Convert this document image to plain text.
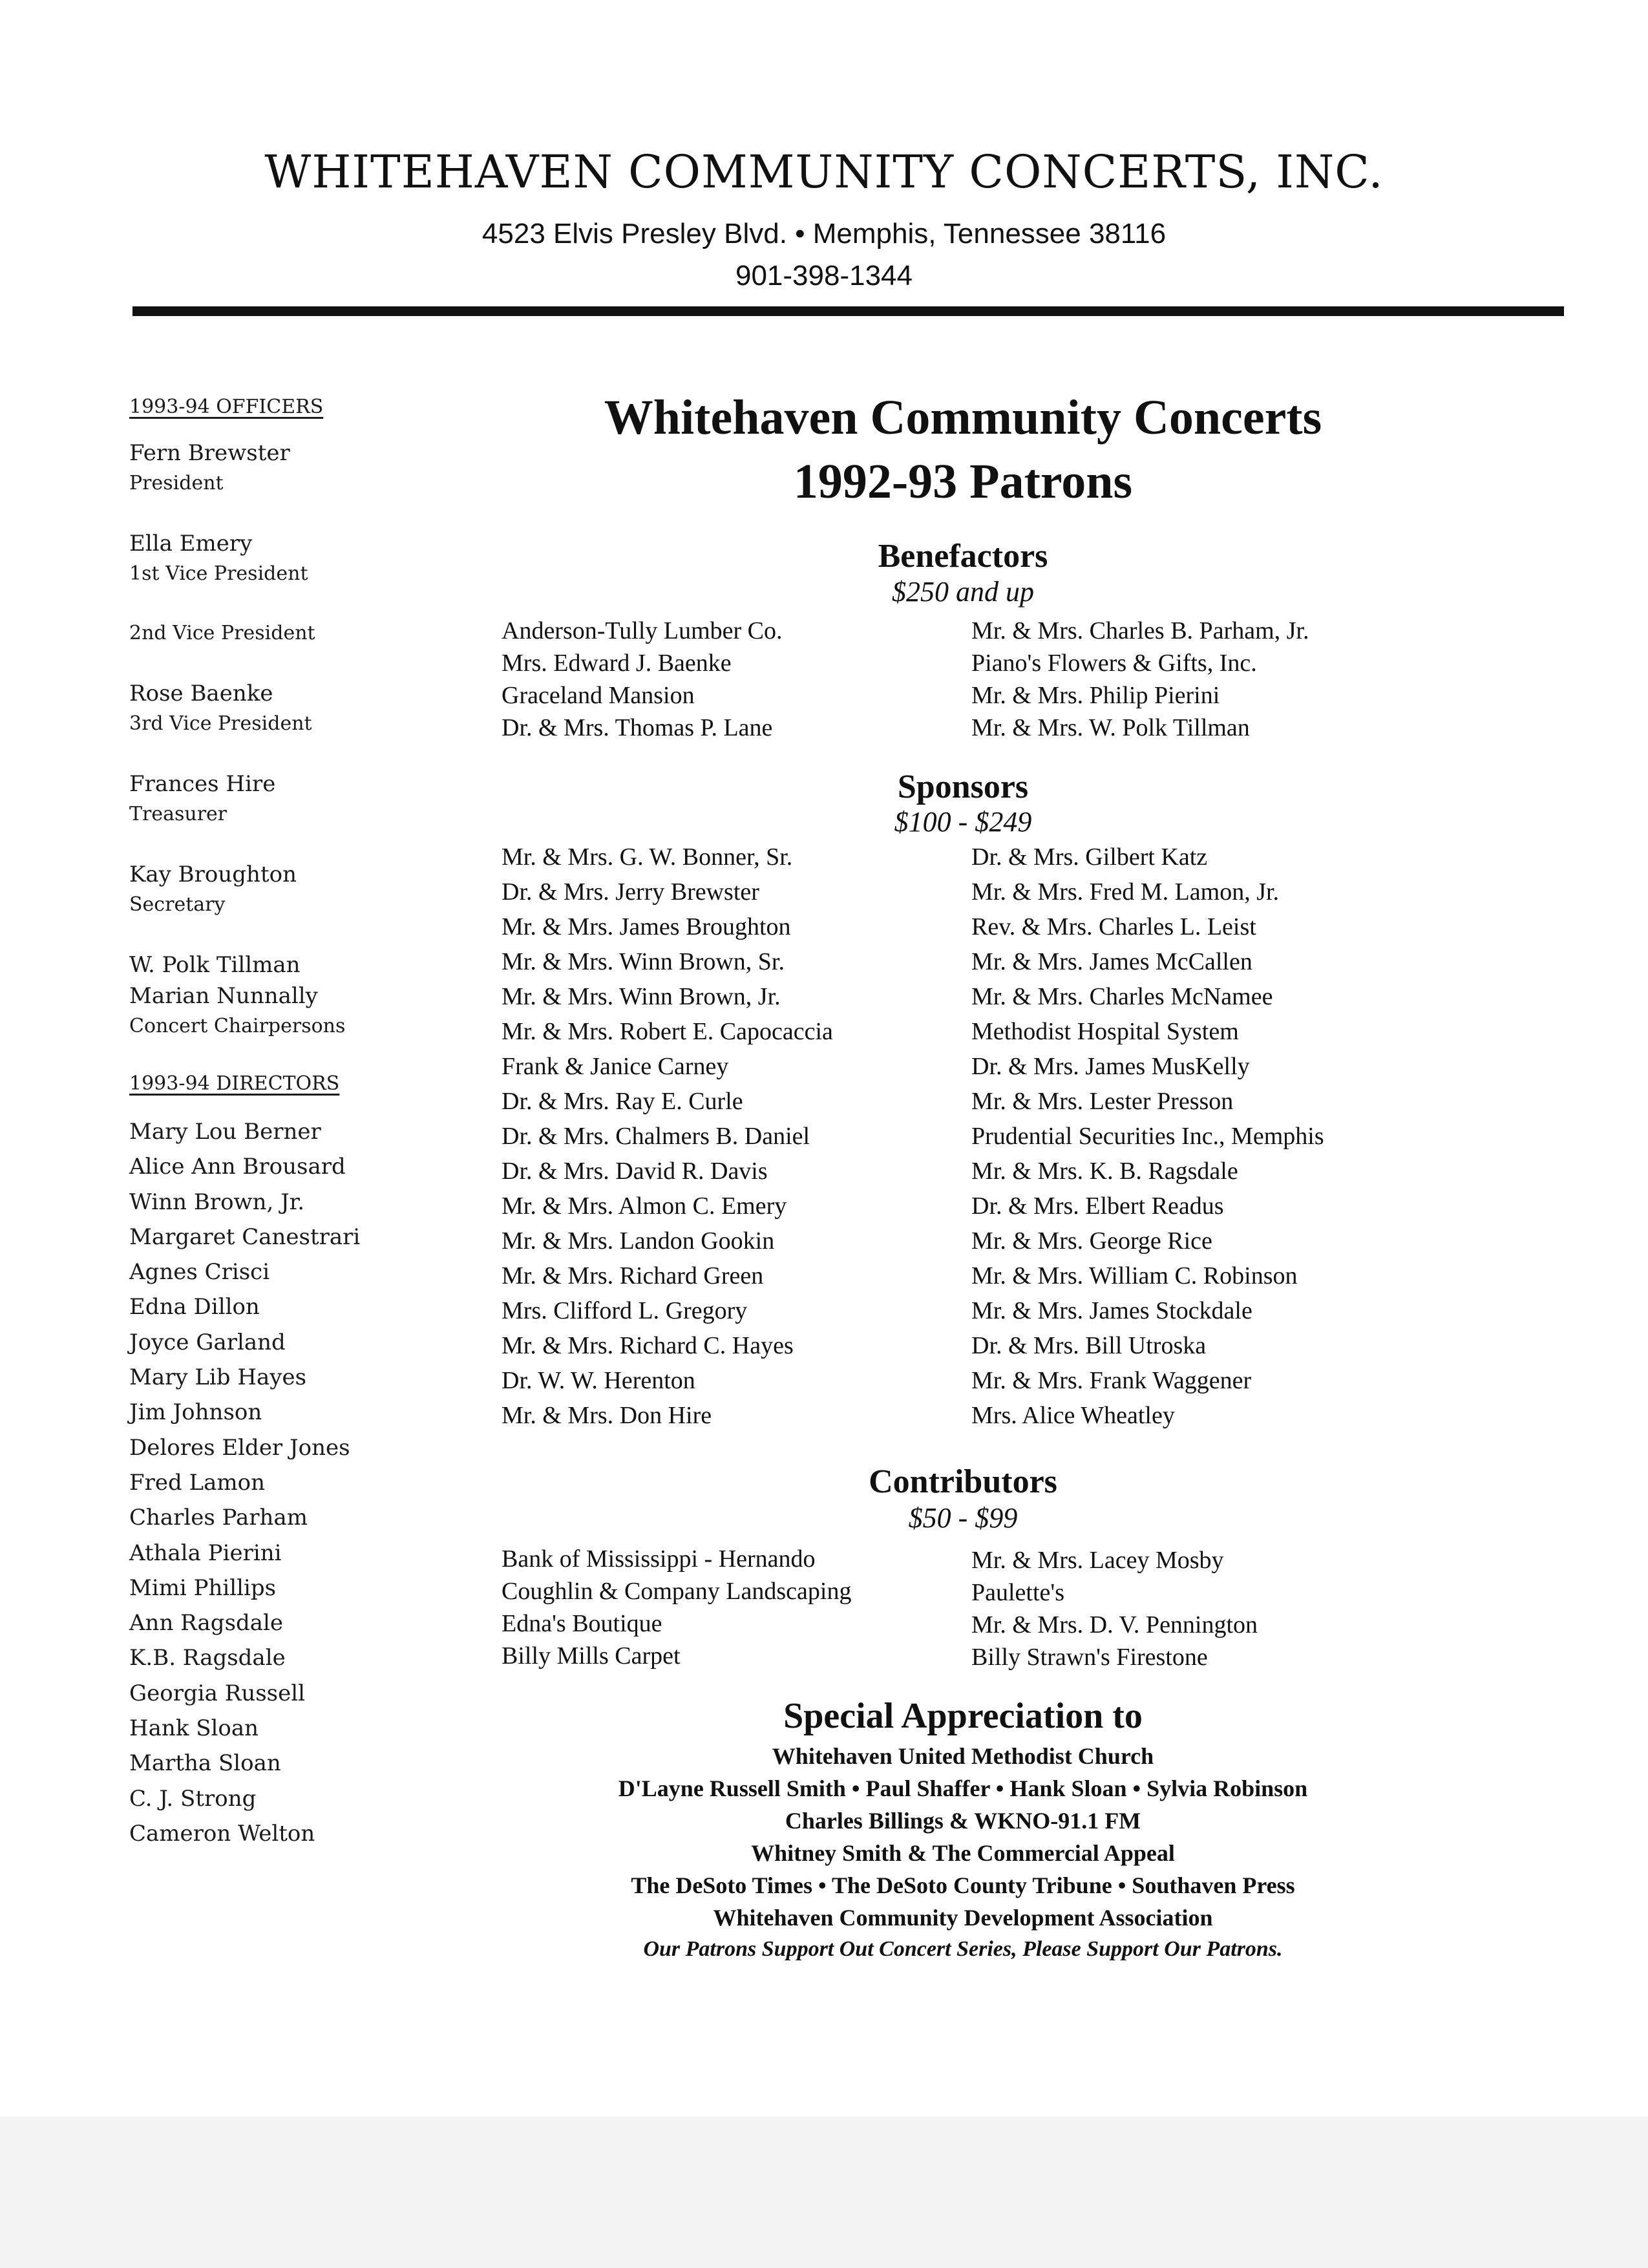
WHITEHAVEN COMMUNITY CONCERTS, INC.
4523 Elvis Presley Blvd. • Memphis, Tennessee 38116
901-398-1344
1993-94 OFFICERS
Fern Brewster
President
Ella Emery
1st Vice President
2nd Vice President
Rose Baenke
3rd Vice President
Frances Hire
Treasurer
Kay Broughton
Secretary
W. Polk Tillman
Marian Nunnally
Concert Chairpersons
1993-94 DIRECTORS
Mary Lou Berner
Alice Ann Brousard
Winn Brown, Jr.
Margaret Canestrari
Agnes Crisci
Edna Dillon
Joyce Garland
Mary Lib Hayes
Jim Johnson
Delores Elder Jones
Fred Lamon
Charles Parham
Athala Pierini
Mimi Phillips
Ann Ragsdale
K.B. Ragsdale
Georgia Russell
Hank Sloan
Martha Sloan
C. J. Strong
Cameron Welton
Whitehaven Community Concerts
1992-93 Patrons
Benefactors
$250 and up
Anderson-Tully Lumber Co.
Mrs. Edward J. Baenke
Graceland Mansion
Dr. & Mrs. Thomas P. Lane
Mr. & Mrs. Charles B. Parham, Jr.
Piano's Flowers & Gifts, Inc.
Mr. & Mrs. Philip Pierini
Mr. & Mrs. W. Polk Tillman
Sponsors
$100 - $249
Mr. & Mrs. G. W. Bonner, Sr.
Dr. & Mrs. Jerry Brewster
Mr. & Mrs. James Broughton
Mr. & Mrs. Winn Brown, Sr.
Mr. & Mrs. Winn Brown, Jr.
Mr. & Mrs. Robert E. Capocaccia
Frank & Janice Carney
Dr. & Mrs. Ray E. Curle
Dr. & Mrs. Chalmers B. Daniel
Dr. & Mrs. David R. Davis
Mr. & Mrs. Almon C. Emery
Mr. & Mrs. Landon Gookin
Mr. & Mrs. Richard Green
Mrs. Clifford L. Gregory
Mr. & Mrs. Richard C. Hayes
Dr. W. W. Herenton
Mr. & Mrs. Don Hire
Dr. & Mrs. Gilbert Katz
Mr. & Mrs. Fred M. Lamon, Jr.
Rev. & Mrs. Charles L. Leist
Mr. & Mrs. James McCallen
Mr. & Mrs. Charles McNamee
Methodist Hospital System
Dr. & Mrs. James MusKelly
Mr. & Mrs. Lester Presson
Prudential Securities Inc., Memphis
Mr. & Mrs. K. B. Ragsdale
Dr. & Mrs. Elbert Readus
Mr. & Mrs. George Rice
Mr. & Mrs. William C. Robinson
Mr. & Mrs. James Stockdale
Dr. & Mrs. Bill Utroska
Mr. & Mrs. Frank Waggener
Mrs. Alice Wheatley
Contributors
$50 - $99
Bank of Mississippi - Hernando
Coughlin & Company Landscaping
Edna's Boutique
Billy Mills Carpet
Mr. & Mrs. Lacey Mosby
Paulette's
Mr. & Mrs. D. V. Pennington
Billy Strawn's Firestone
Special Appreciation to
Whitehaven United Methodist Church
D'Layne Russell Smith • Paul Shaffer • Hank Sloan • Sylvia Robinson
Charles Billings & WKNO-91.1 FM
Whitney Smith & The Commercial Appeal
The DeSoto Times • The DeSoto County Tribune • Southaven Press
Whitehaven Community Development Association
Our Patrons Support Out Concert Series, Please Support Our Patrons.
